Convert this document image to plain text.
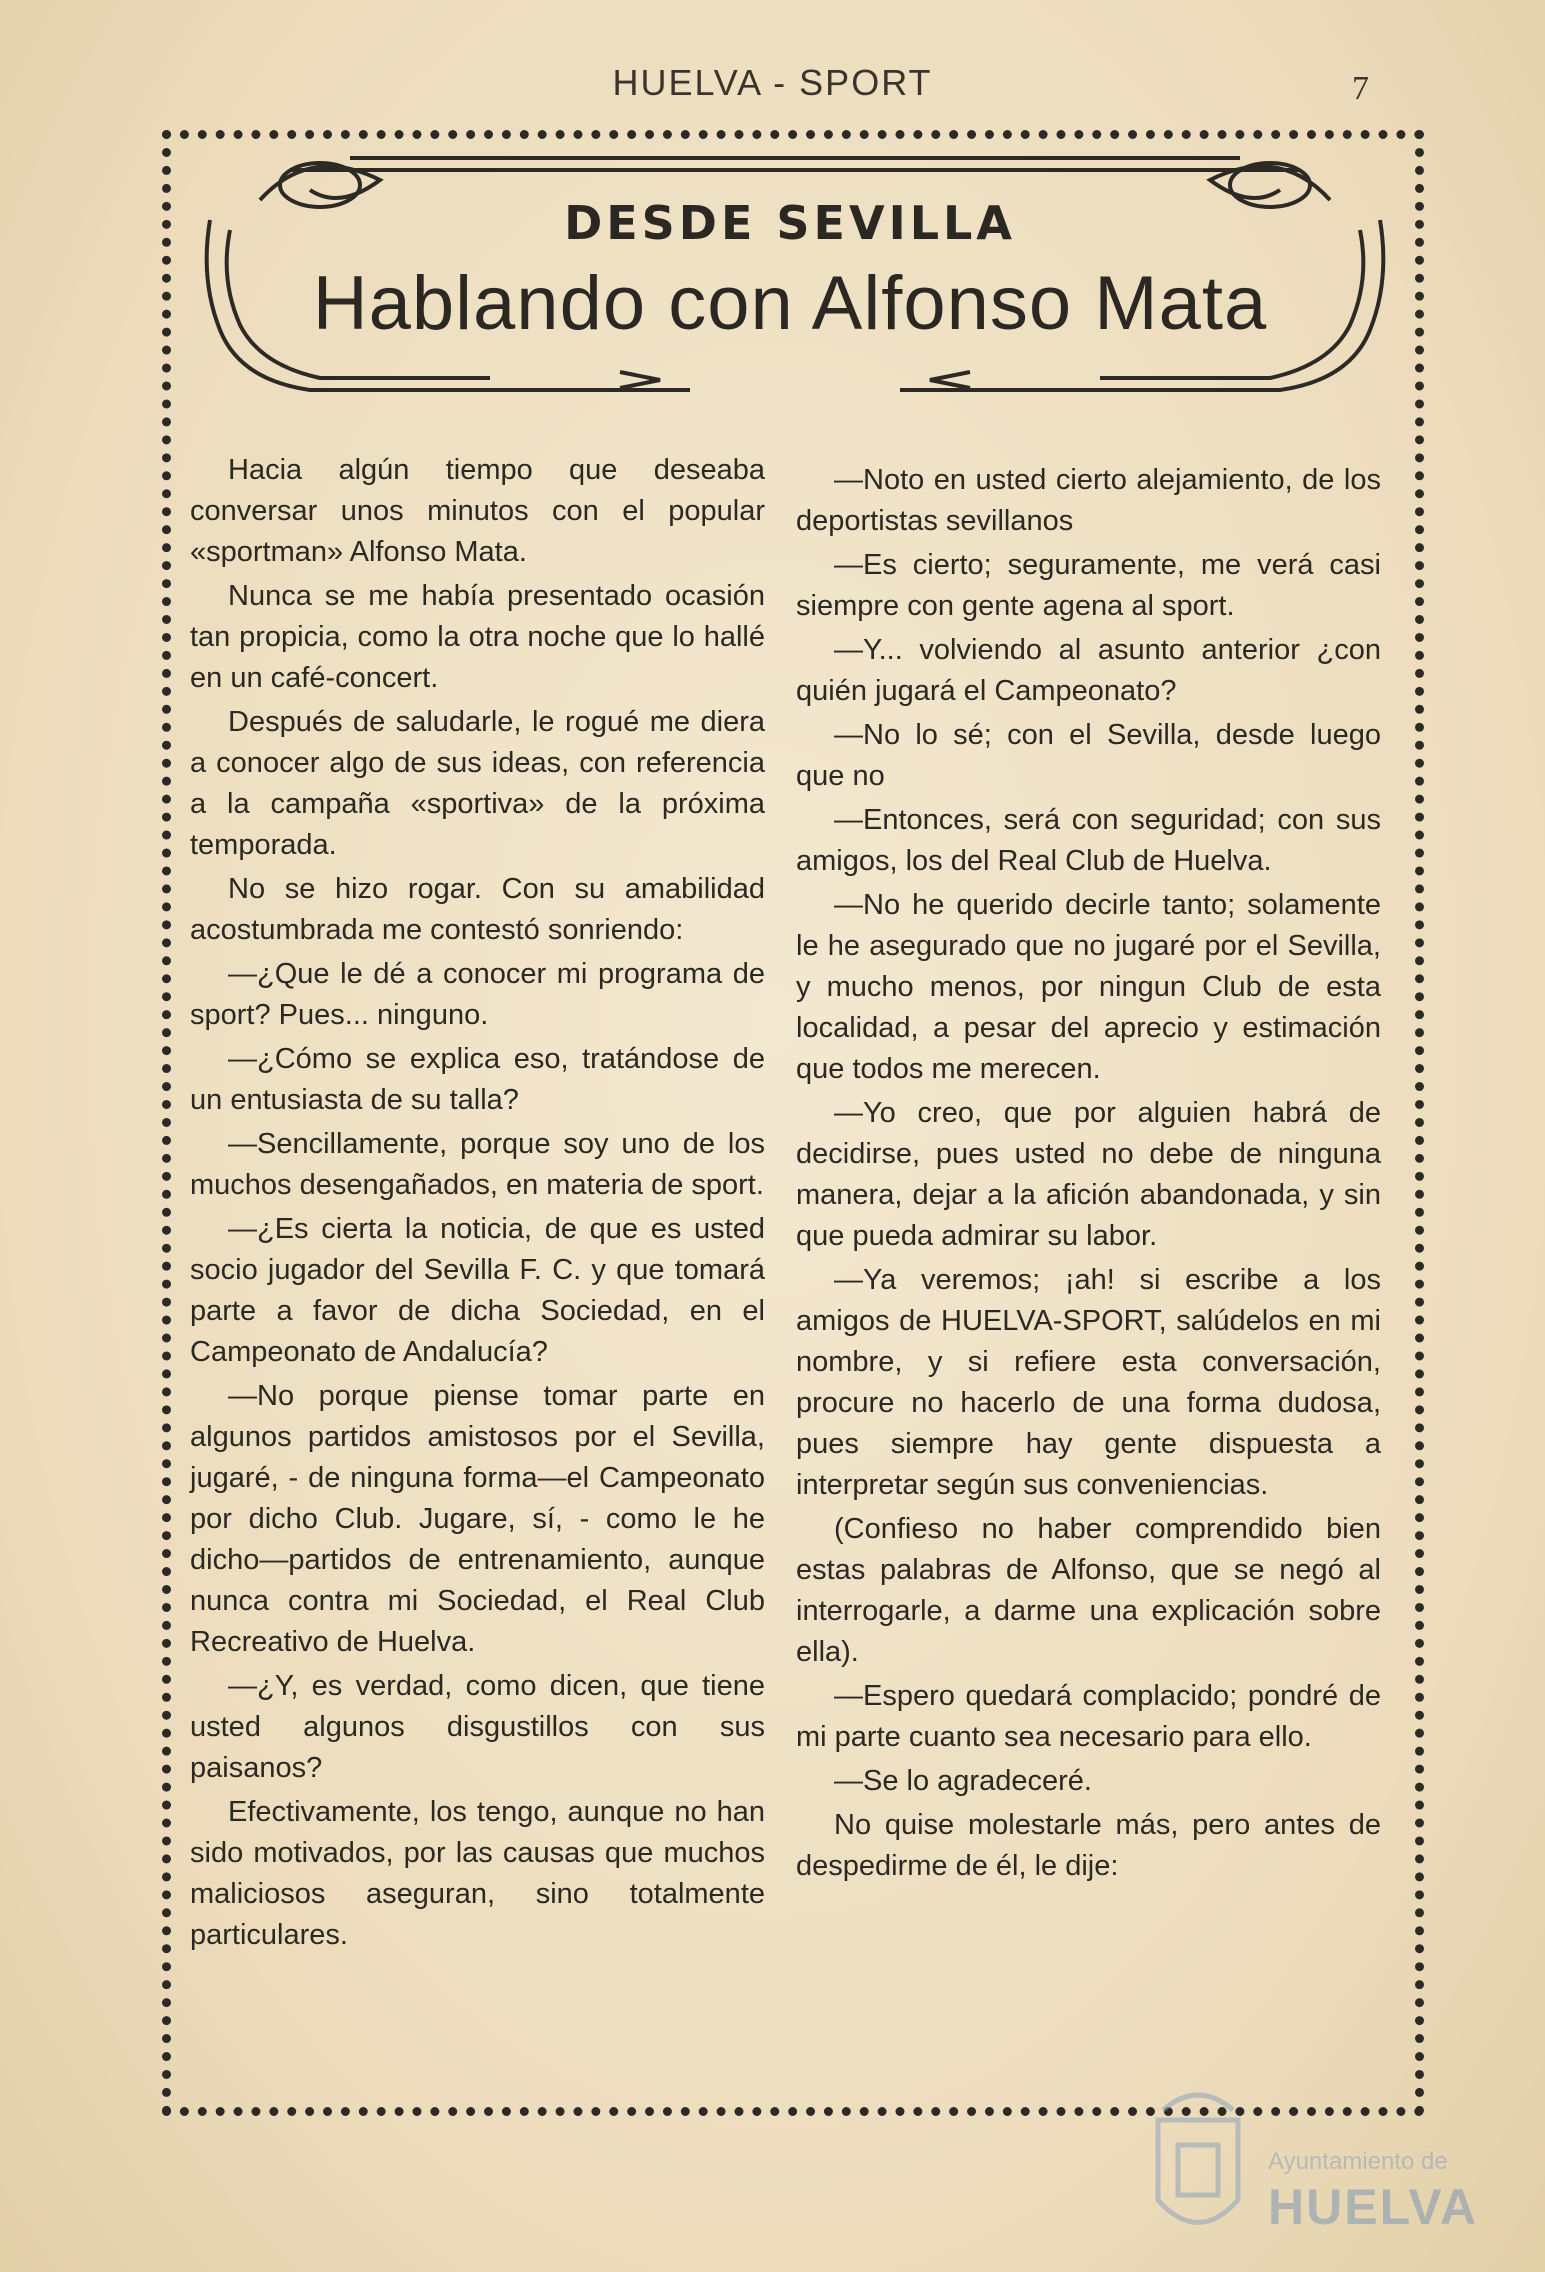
HUELVA - SPORT	7
DESDE SEVILLA
Hablando con Alfonso Mata

Hacia algún tiempo que deseaba conversar unos minutos con el popular «sportman» Alfonso Mata.

Nunca se me había presentado ocasión tan propicia, como la otra noche que lo hallé en un café-concert.

Después de saludarle, le rogué me diera a conocer algo de sus ideas, con referencia a la campaña «sportiva» de la próxima temporada.

No se hizo rogar. Con su amabilidad acostumbrada me contestó sonriendo:

—¿Que le dé a conocer mi programa de sport? Pues... ninguno.

—¿Cómo se explica eso, tratándose de un entusiasta de su talla?

—Sencillamente, porque soy uno de los muchos desengañados, en materia de sport.

—¿Es cierta la noticia, de que es usted socio jugador del Sevilla F. C. y que tomará parte a favor de dicha Sociedad, en el Campeonato de Andalucía?

—No porque piense tomar parte en algunos partidos amistosos por el Sevilla, jugaré, - de ninguna forma—el Campeonato por dicho Club. Jugare, sí, - como le he dicho—partidos de entrenamiento, aunque nunca contra mi Sociedad, el Real Club Recreativo de Huelva.

—¿Y, es verdad, como dicen, que tiene usted algunos disgustillos con sus paisanos?

Efectivamente, los tengo, aunque no han sido motivados, por las causas que muchos maliciosos aseguran, sino totalmente particulares.

—Noto en usted cierto alejamiento, de los deportistas sevillanos

—Es cierto; seguramente, me verá casi siempre con gente agena al sport.

—Y... volviendo al asunto anterior ¿con quién jugará el Campeonato?

—No lo sé; con el Sevilla, desde luego que no

—Entonces, será con seguridad; con sus amigos, los del Real Club de Huelva.

—No he querido decirle tanto; solamente le he asegurado que no jugaré por el Sevilla, y mucho menos, por ningun Club de esta localidad, a pesar del aprecio y estimación que todos me merecen.

—Yo creo, que por alguien habrá de decidirse, pues usted no debe de ninguna manera, dejar a la afición abandonada, y sin que pueda admirar su labor.

—Ya veremos; ¡ah! si escribe a los amigos de HUELVA-SPORT, salúdelos en mi nombre, y si refiere esta conversación, procure no hacerlo de una forma dudosa, pues siempre hay gente dispuesta a interpretar según sus conveniencias.

(Confieso no haber comprendido bien estas palabras de Alfonso, que se negó al interrogarle, a darme una explicación sobre ella).

—Espero quedará complacido; pondré de mi parte cuanto sea necesario para ello.

—Se lo agradeceré.

No quise molestarle más, pero antes de despedirme de él, le dije:

Ayuntamiento de
HUELVA
